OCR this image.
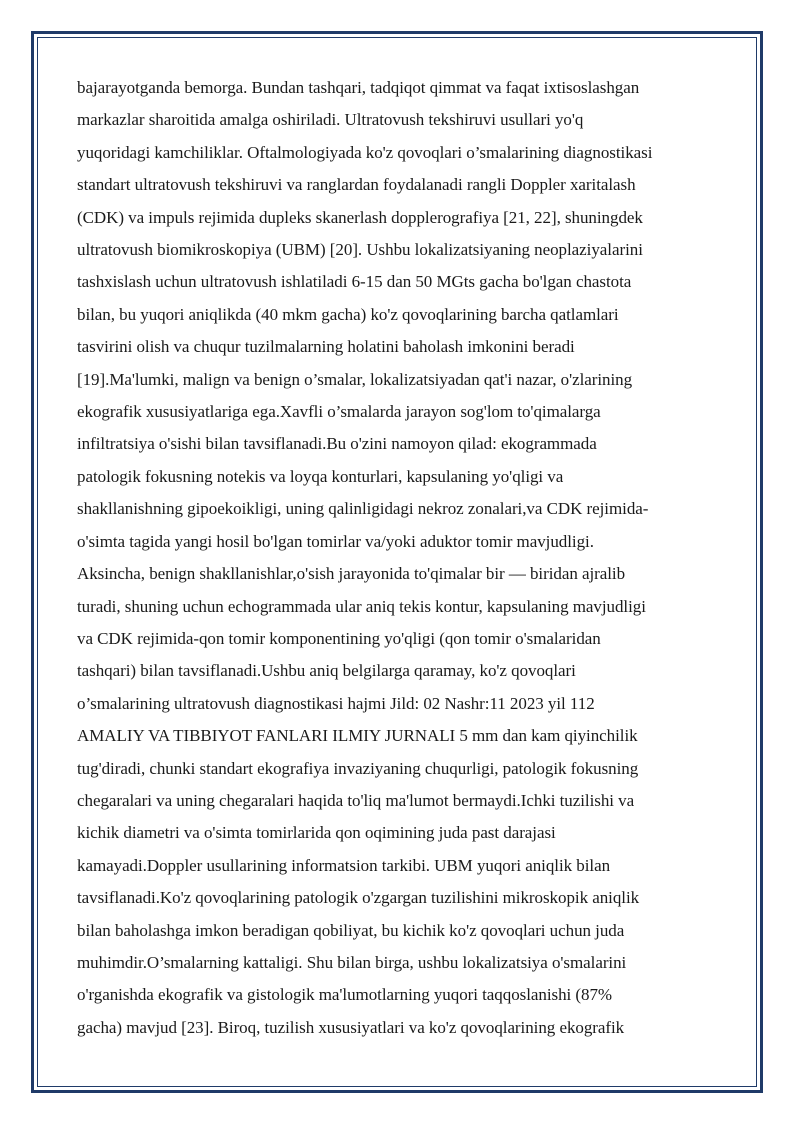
bajarayotganda bemorga. Bundan tashqari, tadqiqot qimmat va faqat ixtisoslashgan
markazlar sharoitida amalga oshiriladi. Ultratovush tekshiruvi usullari yo'q
yuqoridagi kamchiliklar. Oftalmologiyada ko'z qovoqlari o’smalarining diagnostikasi
standart ultratovush tekshiruvi va ranglardan foydalanadi rangli Doppler xaritalash
(CDK) va impuls rejimida dupleks skanerlash dopplerografiya [21, 22], shuningdek
ultratovush biomikroskopiya (UBM) [20]. Ushbu lokalizatsiyaning neoplaziyalarini
tashxislash uchun ultratovush ishlatiladi 6-15 dan 50 MGts gacha bo'lgan chastota
bilan, bu yuqori aniqlikda (40 mkm gacha) ko'z qovoqlarining barcha qatlamlari
tasvirini olish va chuqur tuzilmalarning holatini baholash imkonini beradi
[19].Ma'lumki, malign va benign o’smalar, lokalizatsiyadan qat'i nazar, o'zlarining
ekografik xususiyatlariga ega.Xavfli o’smalarda jarayon sog'lom to'qimalarga
infiltratsiya o'sishi bilan tavsiflanadi.Bu o'zini namoyon qilad: ekogrammada
patologik fokusning notekis va loyqa konturlari, kapsulaning yo'qligi va
shakllanishning gipoekoikligi, uning qalinligidagi nekroz zonalari,va CDK rejimida-
o'simta tagida yangi hosil bo'lgan tomirlar va/yoki aduktor tomir mavjudligi.
Aksincha, benign shakllanishlar,o'sish jarayonida to'qimalar bir — biridan ajralib
turadi, shuning uchun echogrammada ular aniq tekis kontur, kapsulaning mavjudligi
va CDK rejimida-qon tomir komponentining yo'qligi (qon tomir o'smalaridan
tashqari) bilan tavsiflanadi.Ushbu aniq belgilarga qaramay, ko'z qovoqlari
o’smalarining ultratovush diagnostikasi hajmi Jild: 02 Nashr:11 2023 yil 112
AMALIY VA TIBBIYOT FANLARI ILMIY JURNALI 5 mm dan kam qiyinchilik
tug'diradi, chunki standart ekografiya invaziyaning chuqurligi, patologik fokusning
chegaralari va uning chegaralari haqida to'liq ma'lumot bermaydi.Ichki tuzilishi va
kichik diametri va o'simta tomirlarida qon oqimining juda past darajasi
kamayadi.Doppler usullarining informatsion tarkibi. UBM yuqori aniqlik bilan
tavsiflanadi.Ko'z qovoqlarining patologik o'zgargan tuzilishini mikroskopik aniqlik
bilan baholashga imkon beradigan qobiliyat, bu kichik ko'z qovoqlari uchun juda
muhimdir.O’smalarning kattaligi. Shu bilan birga, ushbu lokalizatsiya o'smalarini
o'rganishda ekografik va gistologik ma'lumotlarning yuqori taqqoslanishi (87%
gacha) mavjud [23]. Biroq, tuzilish xususiyatlari va ko'z qovoqlarining ekografik
